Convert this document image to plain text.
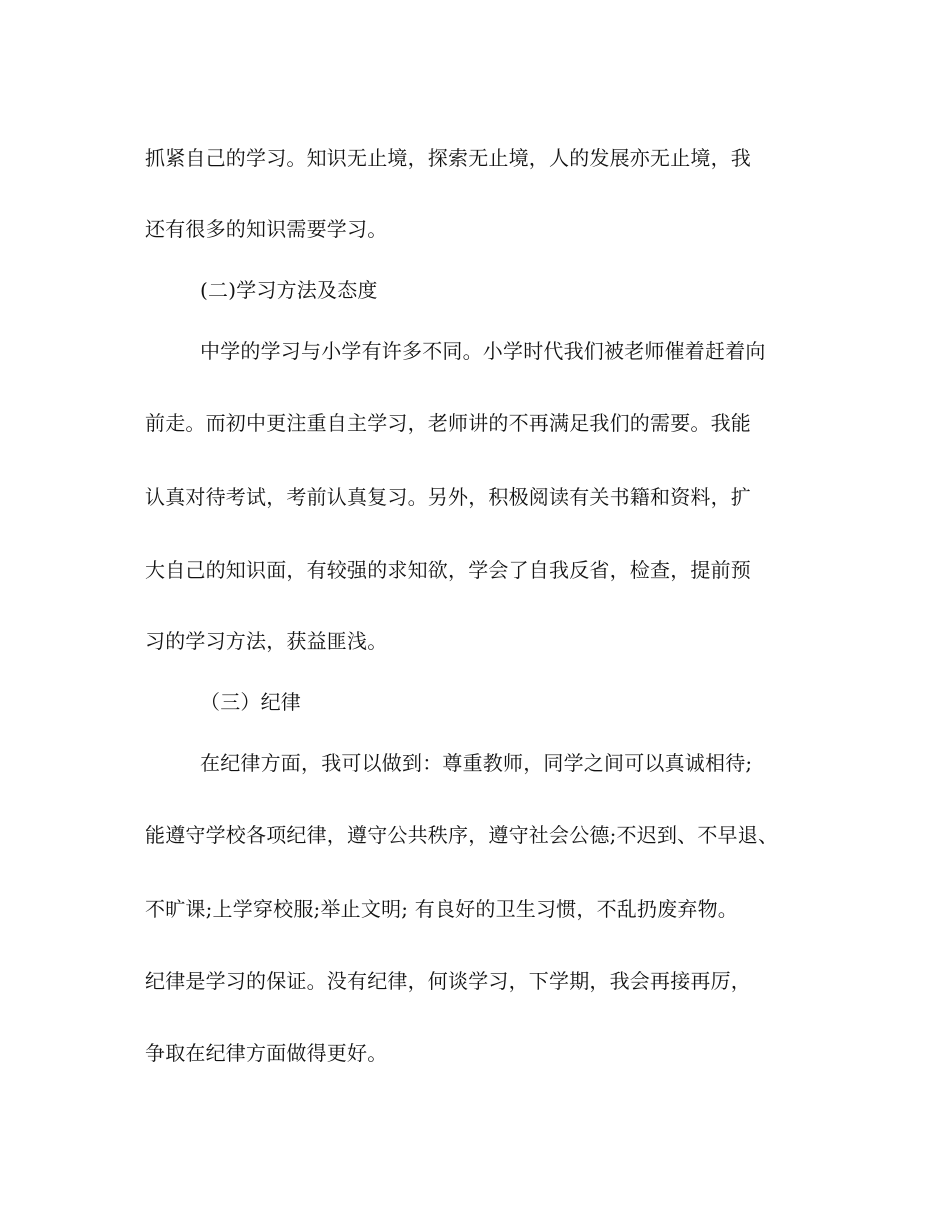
抓紧自己的学习。知识无止境，探索无止境，人的发展亦无止境，我

还有很多的知识需要学习。

(二)学习方法及态度

中学的学习与小学有许多不同。小学时代我们被老师催着赶着向

前走。而初中更注重自主学习，老师讲的不再满足我们的需要。我能

认真对待考试，考前认真复习。另外，积极阅读有关书籍和资料，扩

大自己的知识面，有较强的求知欲，学会了自我反省，检查，提前预

习的学习方法，获益匪浅。

（三）纪律

在纪律方面，我可以做到：尊重教师，同学之间可以真诚相待;

能遵守学校各项纪律，遵守公共秩序，遵守社会公德;不迟到、不早退、

不旷课;上学穿校服;举止文明; 有良好的卫生习惯，不乱扔废弃物。

纪律是学习的保证。没有纪律，何谈学习，下学期，我会再接再厉，

争取在纪律方面做得更好。
